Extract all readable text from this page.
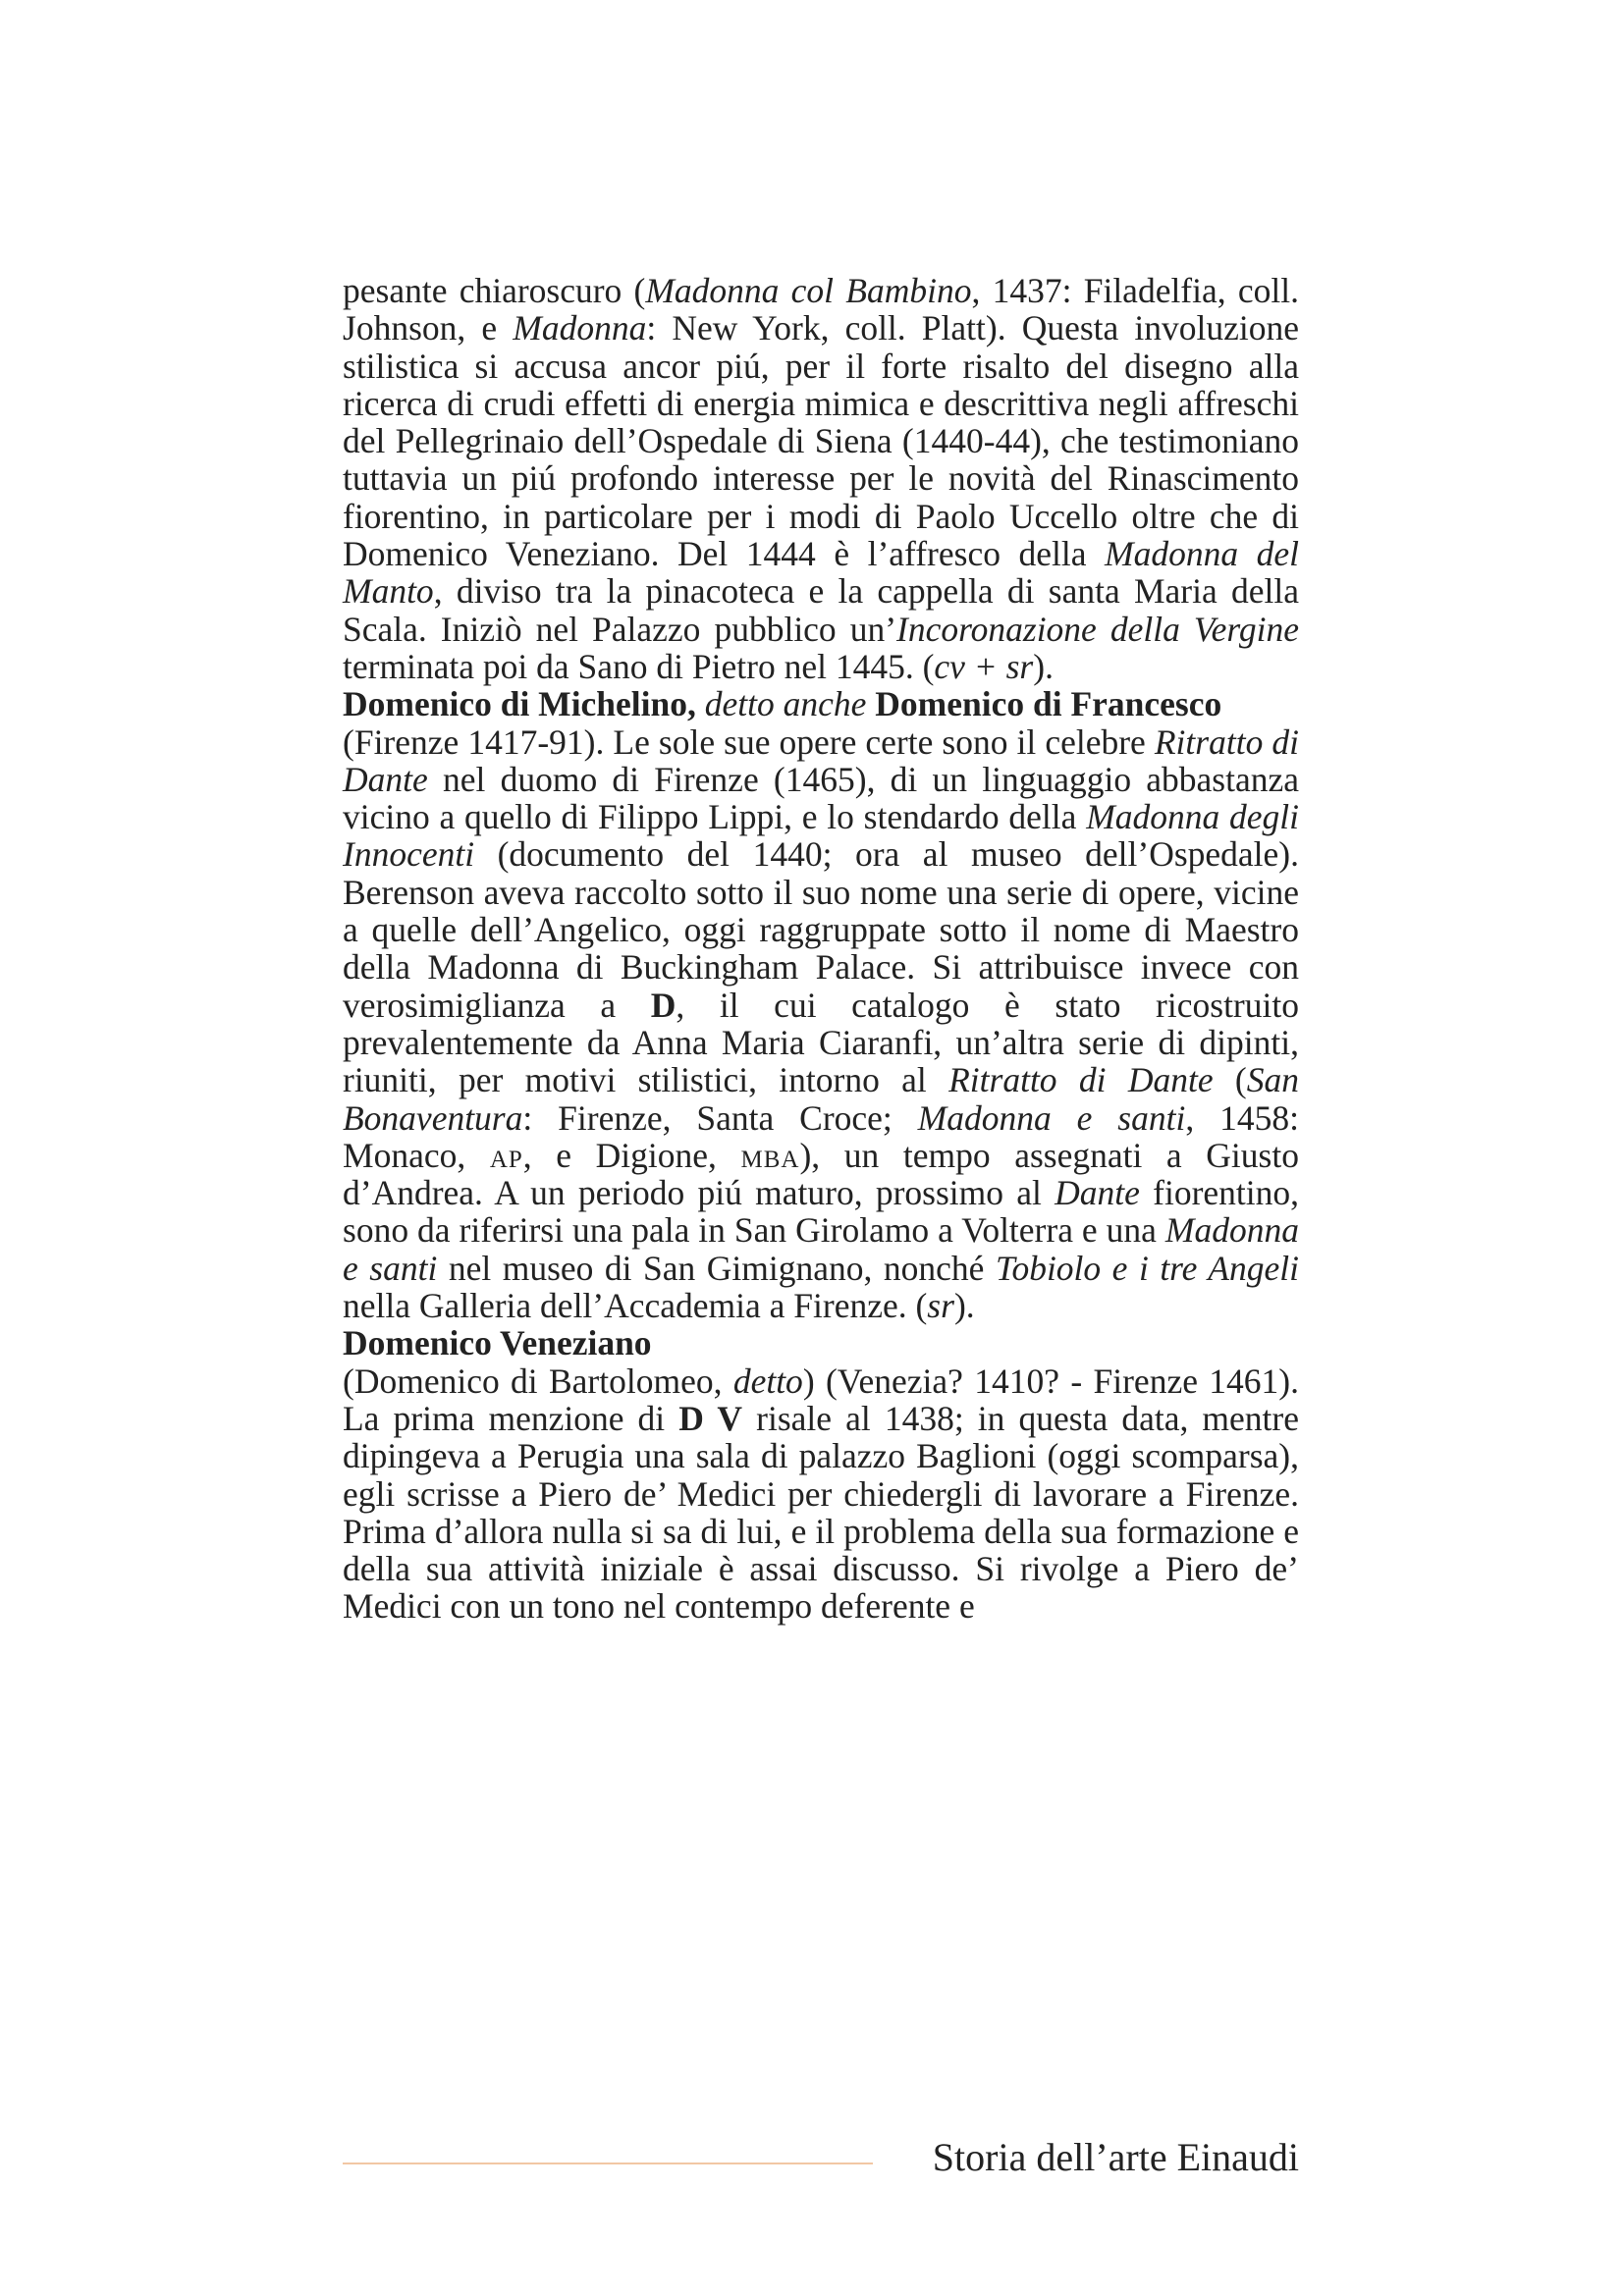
pesante chiaroscuro (Madonna col Bambino, 1437: Filadelfia, coll. Johnson, e Madonna: New York, coll. Platt). Questa involuzione stilistica si accusa ancor piú, per il forte risalto del disegno alla ricerca di crudi effetti di energia mimica e descrittiva negli affreschi del Pellegrinaio dell’Ospedale di Siena (1440-44), che testimoniano tuttavia un piú profondo interesse per le novità del Rinascimento fiorentino, in particolare per i modi di Paolo Uccello oltre che di Domenico Veneziano. Del 1444 è l’affresco della Madonna del Manto, diviso tra la pinacoteca e la cappella di santa Maria della Scala. Iniziò nel Palazzo pubblico un’Incoronazione della Vergine terminata poi da Sano di Pietro nel 1445. (cv + sr).

Domenico di Michelino, detto anche Domenico di Francesco

(Firenze 1417-91). Le sole sue opere certe sono il celebre Ritratto di Dante nel duomo di Firenze (1465), di un linguaggio abbastanza vicino a quello di Filippo Lippi, e lo stendardo della Madonna degli Innocenti (documento del 1440; ora al museo dell’Ospedale). Berenson aveva raccolto sotto il suo nome una serie di opere, vicine a quelle dell’Angelico, oggi raggruppate sotto il nome di Maestro della Madonna di Buckingham Palace. Si attribuisce invece con verosimiglianza a D, il cui catalogo è stato ricostruito prevalentemente da Anna Maria Ciaranfi, un’altra serie di dipinti, riuniti, per motivi stilistici, intorno al Ritratto di Dante (San Bonaventura: Firenze, Santa Croce; Madonna e santi, 1458: Monaco, ap, e Digione, mba), un tempo assegnati a Giusto d’Andrea. A un periodo piú maturo, prossimo al Dante fiorentino, sono da riferirsi una pala in San Girolamo a Volterra e una Madonna e santi nel museo di San Gimignano, nonché Tobiolo e i tre Angeli nella Galleria dell’Accademia a Firenze. (sr).

Domenico Veneziano

(Domenico di Bartolomeo, detto) (Venezia? 1410? - Firenze 1461). La prima menzione di D V risale al 1438; in questa data, mentre dipingeva a Perugia una sala di palazzo Baglioni (oggi scomparsa), egli scrisse a Piero de’ Medici per chiedergli di lavorare a Firenze. Prima d’allora nulla si sa di lui, e il problema della sua formazione e della sua attività iniziale è assai discusso. Si rivolge a Piero de’ Medici con un tono nel contempo deferente e

Storia dell’arte Einaudi
